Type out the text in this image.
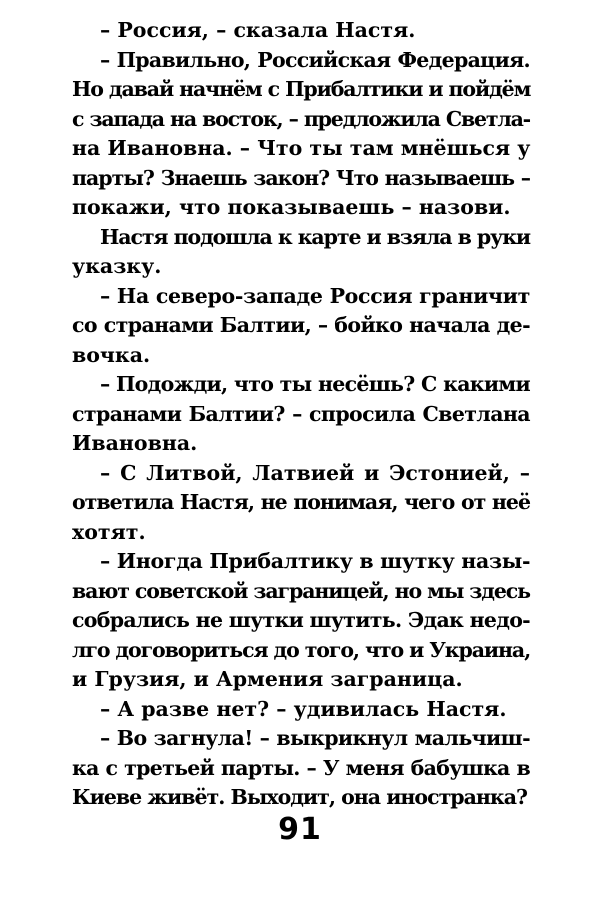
– Россия, – сказала Настя.
– Правильно, Российская Федерация.
Но давай начнём с Прибалтики и пойдём
с запада на восток, – предложила Светла-
на Ивановна. – Что ты там мнёшься у
парты? Знаешь закон? Что называешь –
покажи, что показываешь – назови.
Настя подошла к карте и взяла в руки
указку.
– На северо-западе Россия граничит
со странами Балтии, – бойко начала де-
вочка.
– Подожди, что ты несёшь? С какими
странами Балтии? – спросила Светлана
Ивановна.
– С Литвой, Латвией и Эстонией, –
ответила Настя, не понимая, чего от неё
хотят.
– Иногда Прибалтику в шутку назы-
вают советской заграницей, но мы здесь
собрались не шутки шутить. Эдак недо-
лго договориться до того, что и Украина,
и Грузия, и Армения заграница.
– А разве нет? – удивилась Настя.
– Во загнула! – выкрикнул мальчиш-
ка с третьей парты. – У меня бабушка в
Киеве живёт. Выходит, она иностранка?
91
